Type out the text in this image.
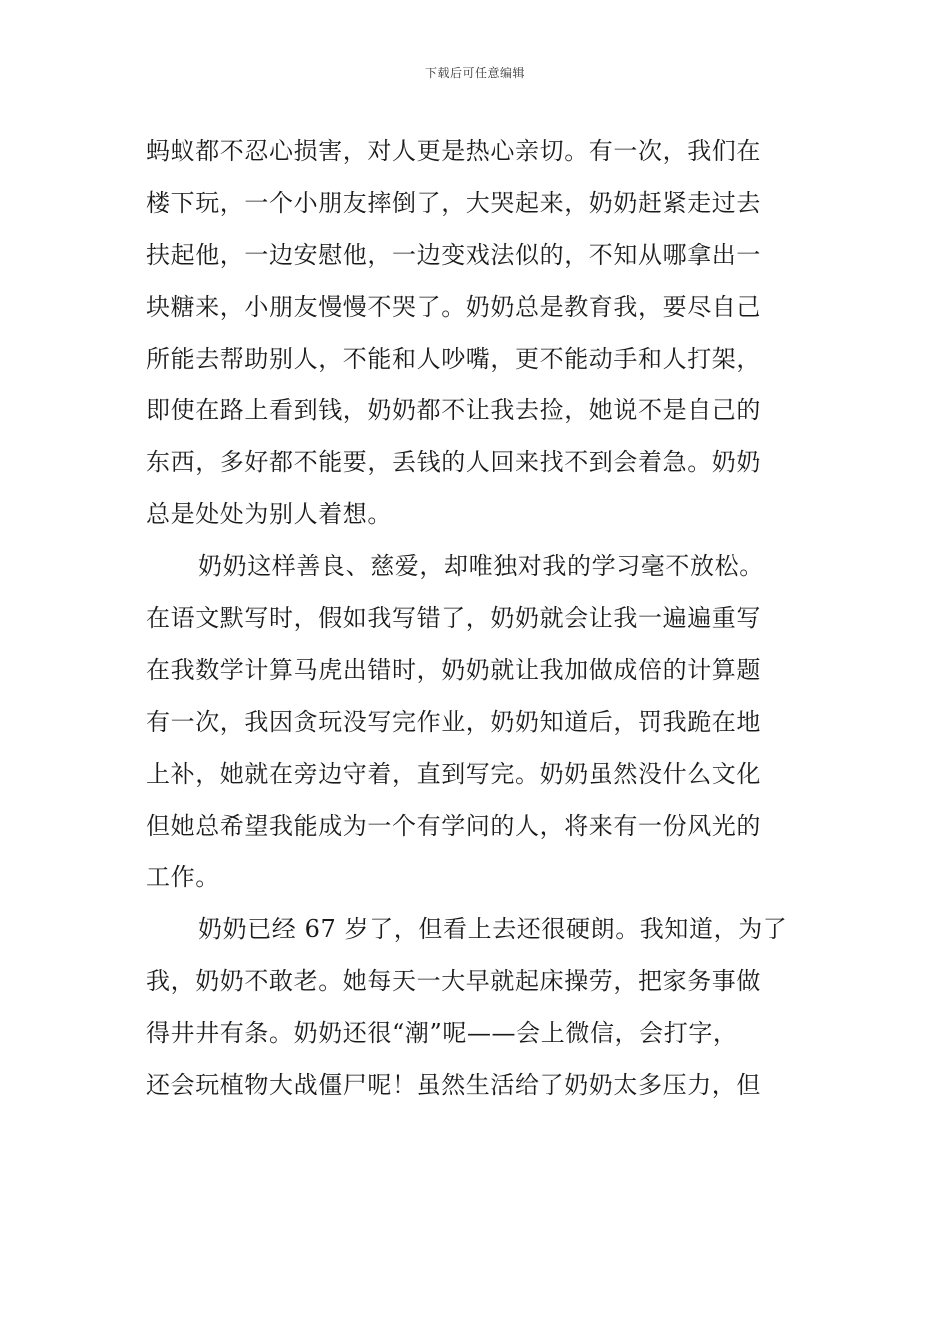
下载后可任意编辑
蚂蚁都不忍心损害，对人更是热心亲切。有一次，我们在
楼下玩，一个小朋友摔倒了，大哭起来，奶奶赶紧走过去
扶起他，一边安慰他，一边变戏法似的，不知从哪拿出一
块糖来，小朋友慢慢不哭了。奶奶总是教育我，要尽自己
所能去帮助别人，不能和人吵嘴，更不能动手和人打架，
即使在路上看到钱，奶奶都不让我去捡，她说不是自己的
东西，多好都不能要，丢钱的人回来找不到会着急。奶奶
总是处处为别人着想。
奶奶这样善良、慈爱，却唯独对我的学习毫不放松。
在语文默写时，假如我写错了，奶奶就会让我一遍遍重写
在我数学计算马虎出错时，奶奶就让我加做成倍的计算题
有一次，我因贪玩没写完作业，奶奶知道后，罚我跪在地
上补，她就在旁边守着，直到写完。奶奶虽然没什么文化
但她总希望我能成为一个有学问的人，将来有一份风光的
工作。
奶奶已经 67 岁了，但看上去还很硬朗。我知道，为了
我，奶奶不敢老。她每天一大早就起床操劳，把家务事做
得井井有条。奶奶还很“潮”呢——会上微信，会打字，
还会玩植物大战僵尸呢！虽然生活给了奶奶太多压力，但
